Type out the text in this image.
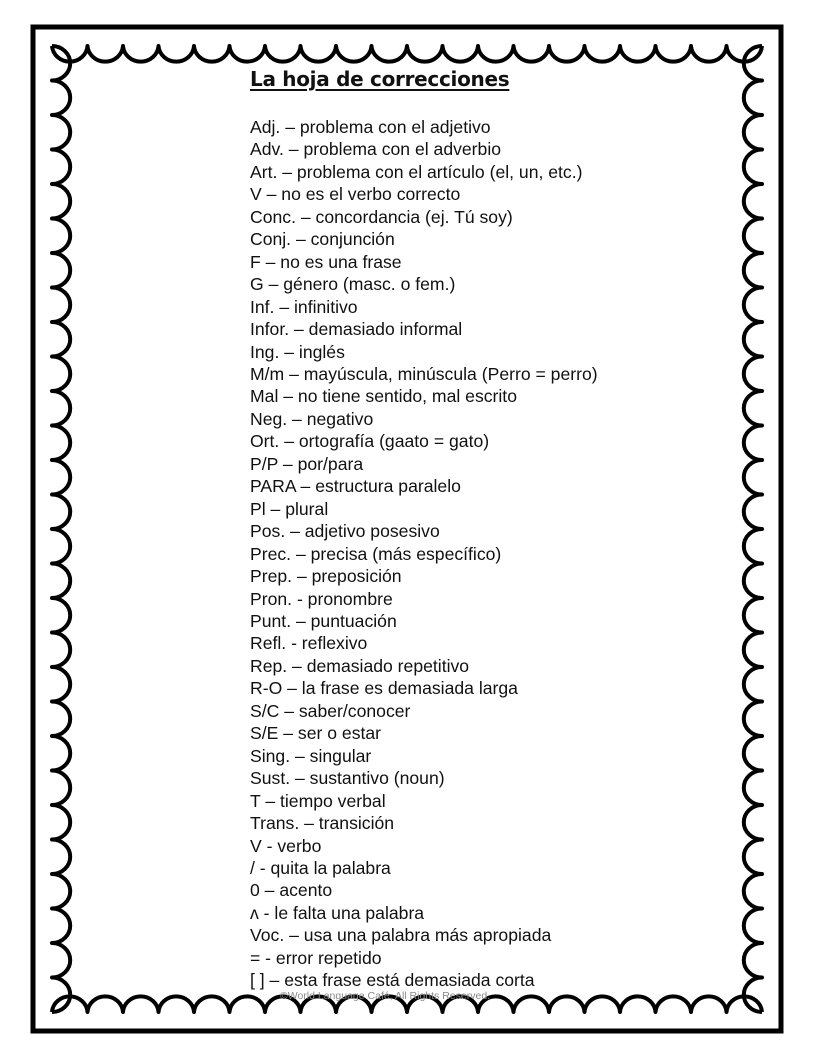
La hoja de correcciones
Adj. – problema con el adjetivo
Adv. – problema con el adverbio
Art. – problema con el artículo (el, un, etc.)
V – no es el verbo correcto
Conc. – concordancia (ej. Tú soy)
Conj. – conjunción
F – no es una frase
G – género (masc. o fem.)
Inf. – infinitivo
Infor. – demasiado informal
Ing. – inglés
M/m – mayúscula, minúscula (Perro = perro)
Mal – no tiene sentido, mal escrito
Neg. – negativo
Ort. – ortografía (gaato = gato)
P/P – por/para
PARA – estructura paralelo
Pl – plural
Pos. – adjetivo posesivo
Prec. – precisa (más específico)
Prep. – preposición
Pron. - pronombre
Punt. – puntuación
Refl. - reflexivo
Rep. – demasiado repetitivo
R-O – la frase es demasiada larga
S/C – saber/conocer
S/E – ser o estar
Sing. – singular
Sust. – sustantivo (noun)
T – tiempo verbal
Trans. – transición
V - verbo
/ - quita la palabra
0 – acento
ʌ - le falta una palabra
Voc. – usa una palabra más apropiada
= - error repetido
[ ] – esta frase está demasiada corta
©World Language Café, All Rights Reserved.
